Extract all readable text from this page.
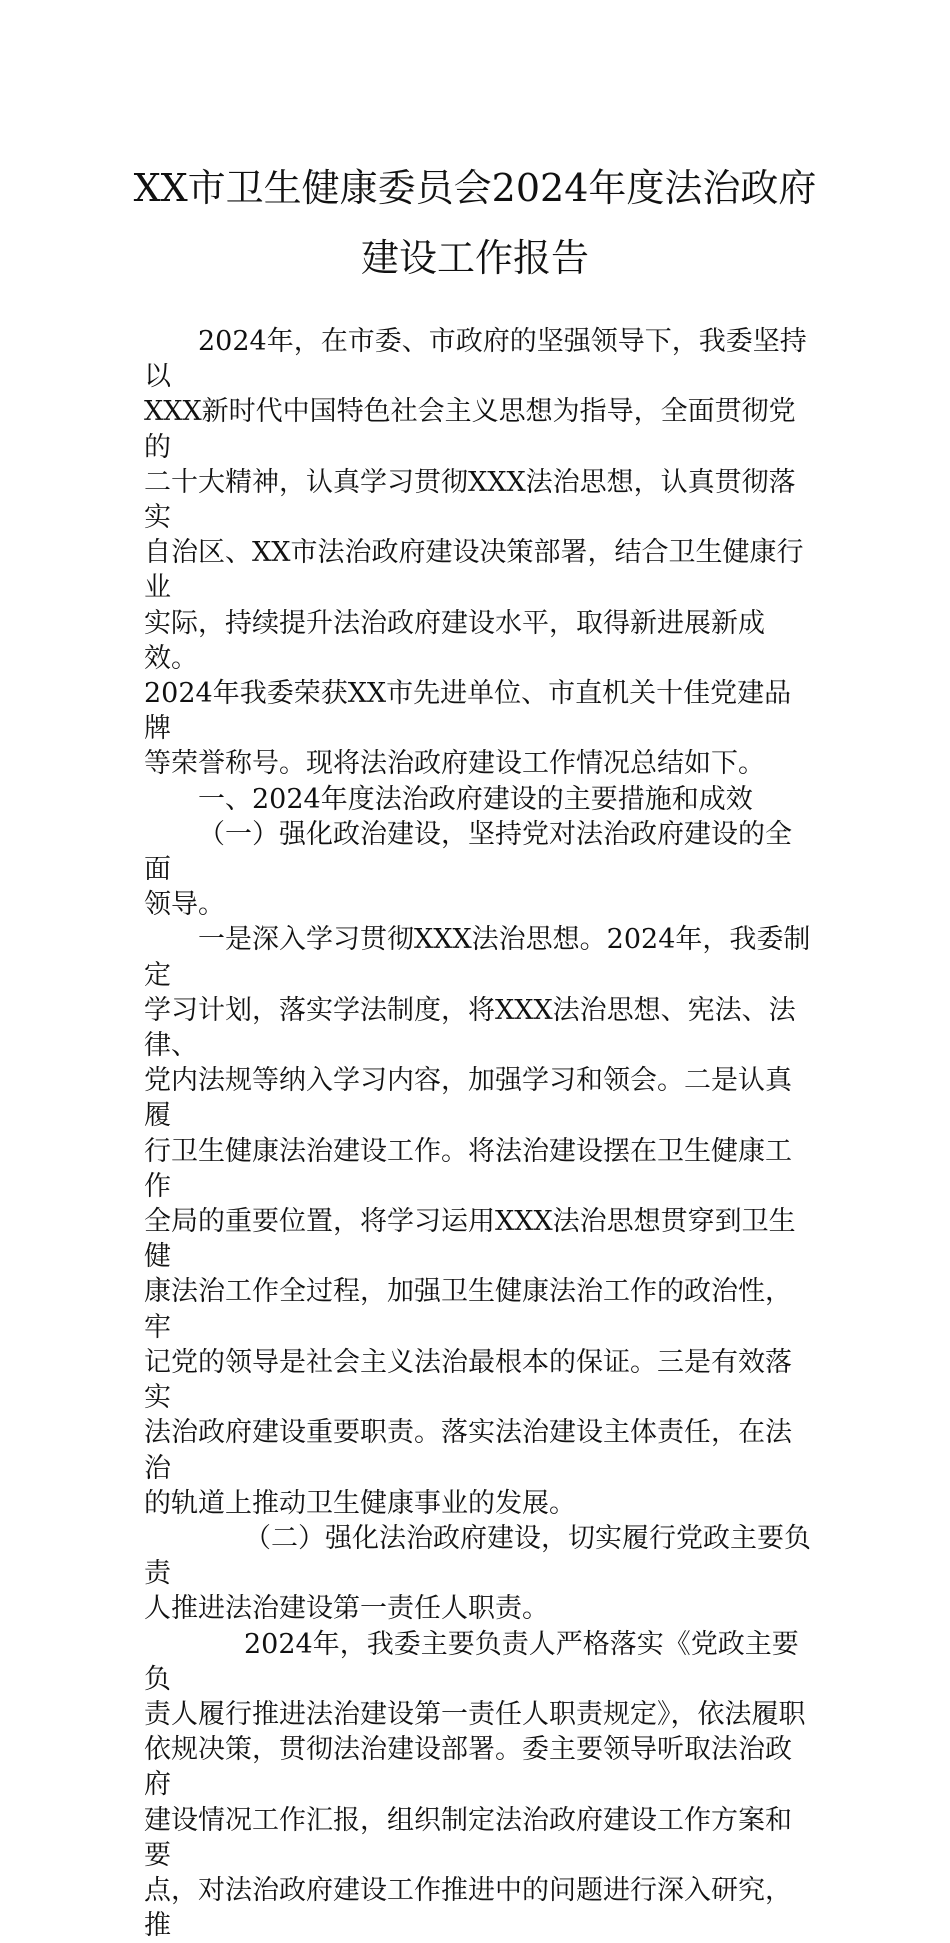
XX市卫生健康委员会2024年度法治政府
建设工作报告

2024年，在市委、市政府的坚强领导下，我委坚持以
XXX新时代中国特色社会主义思想为指导，全面贯彻党的
二十大精神，认真学习贯彻XXX法治思想，认真贯彻落实
自治区、XX市法治政府建设决策部署，结合卫生健康行业
实际，持续提升法治政府建设水平，取得新进展新成效。
2024年我委荣获XX市先进单位、市直机关十佳党建品牌
等荣誉称号。现将法治政府建设工作情况总结如下。

一、2024年度法治政府建设的主要措施和成效

（一）强化政治建设，坚持党对法治政府建设的全面
领导。

一是深入学习贯彻XXX法治思想。2024年，我委制定
学习计划，落实学法制度，将XXX法治思想、宪法、法律、
党内法规等纳入学习内容，加强学习和领会。二是认真履
行卫生健康法治建设工作。将法治建设摆在卫生健康工作
全局的重要位置，将学习运用XXX法治思想贯穿到卫生健
康法治工作全过程，加强卫生健康法治工作的政治性，牢
记党的领导是社会主义法治最根本的保证。三是有效落实
法治政府建设重要职责。落实法治建设主体责任，在法治
的轨道上推动卫生健康事业的发展。

（二）强化法治政府建设，切实履行党政主要负责
人推进法治建设第一责任人职责。

2024年，我委主要负责人严格落实《党政主要负
责人履行推进法治建设第一责任人职责规定》，依法履职
依规决策，贯彻法治建设部署。委主要领导听取法治政府
建设情况工作汇报，组织制定法治政府建设工作方案和要
点，对法治政府建设工作推进中的问题进行深入研究，推
